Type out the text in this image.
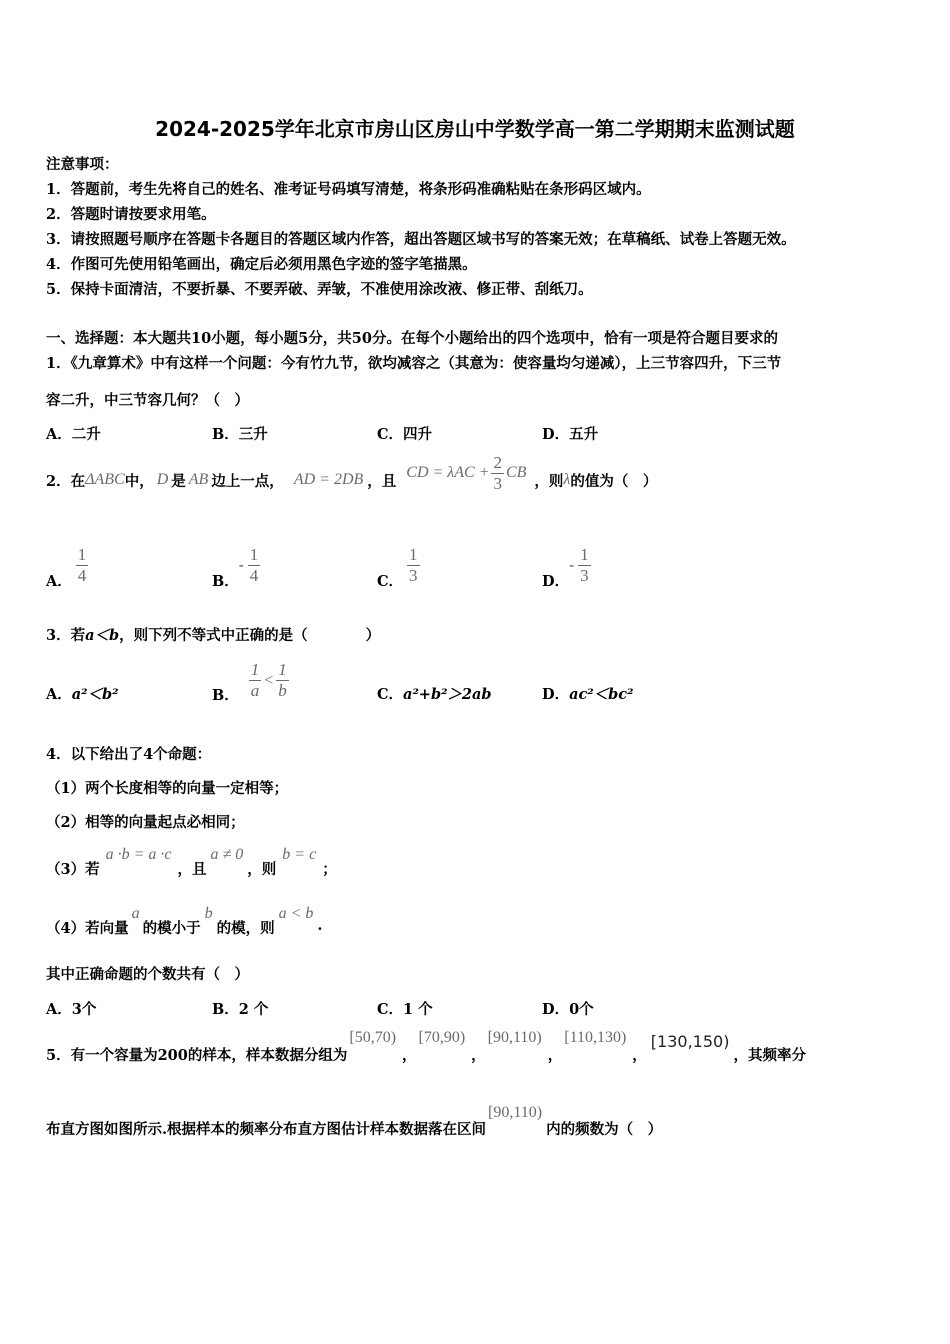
2024-2025学年北京市房山区房山中学数学高一第二学期期末监测试题
注意事项：
1．答题前，考生先将自己的姓名、准考证号码填写清楚，将条形码准确粘贴在条形码区域内。
2．答题时请按要求用笔。
3．请按照题号顺序在答题卡各题目的答题区域内作答，超出答题区域书写的答案无效；在草稿纸、试卷上答题无效。
4．作图可先使用铅笔画出，确定后必须用黑色字迹的签字笔描黑。
5．保持卡面清洁，不要折暴、不要弄破、弄皱，不准使用涂改液、修正带、刮纸刀。
一、选择题：本大题共10小题，每小题5分，共50分。在每个小题给出的四个选项中，恰有一项是符合题目要求的
1．《九章算术》中有这样一个问题：今有竹九节，欲均减容之（其意为：使容量均匀递减），上三节容四升，下三节
容二升，中三节容几何？（　）
A．二升	B．三升	C．四升	D．五升
2． 在 ΔABC 中， D 是 AB 边上一点， AD = 2DB ，且 CD = $\lambda AC + \frac{2}{3}$ CB ，则 λ 的值为（　）
A． $\frac{1}{4}$	B．
- $\frac{1}{4}$	C． $\frac{1}{3}$	D．
- $\frac{1}{3}$
3．若a＜b，则下列不等式中正确的是（　　　　）
A．a²＜b²	B． $\frac{1}{a} < \frac{1}{b}$	C．a²+b²＞2ab	D．ac²＜bc²
4．以下给出了4个命题：
（1）两个长度相等的向量一定相等；
（2）相等的向量起点必相同；
（3）若
a ·b = a ·c
，且
a ≠ 0
，则
b = c
；
（4）若向量
a
的模小于
b
的模，则
a < b
.
其中正确命题的个数共有（　）
A．3个	B．2 个	C．1 个	D．0个
5．有一个容量为200的样本，样本数据分组为
[50,70)
，
[70,90)
，
[90,110)
，
[110,130)
，
[130,150)
，其频率分
布直方图如图所示.根据样本的频率分布直方图估计样本数据落在区间
[90,110)
内的频数为（　）
